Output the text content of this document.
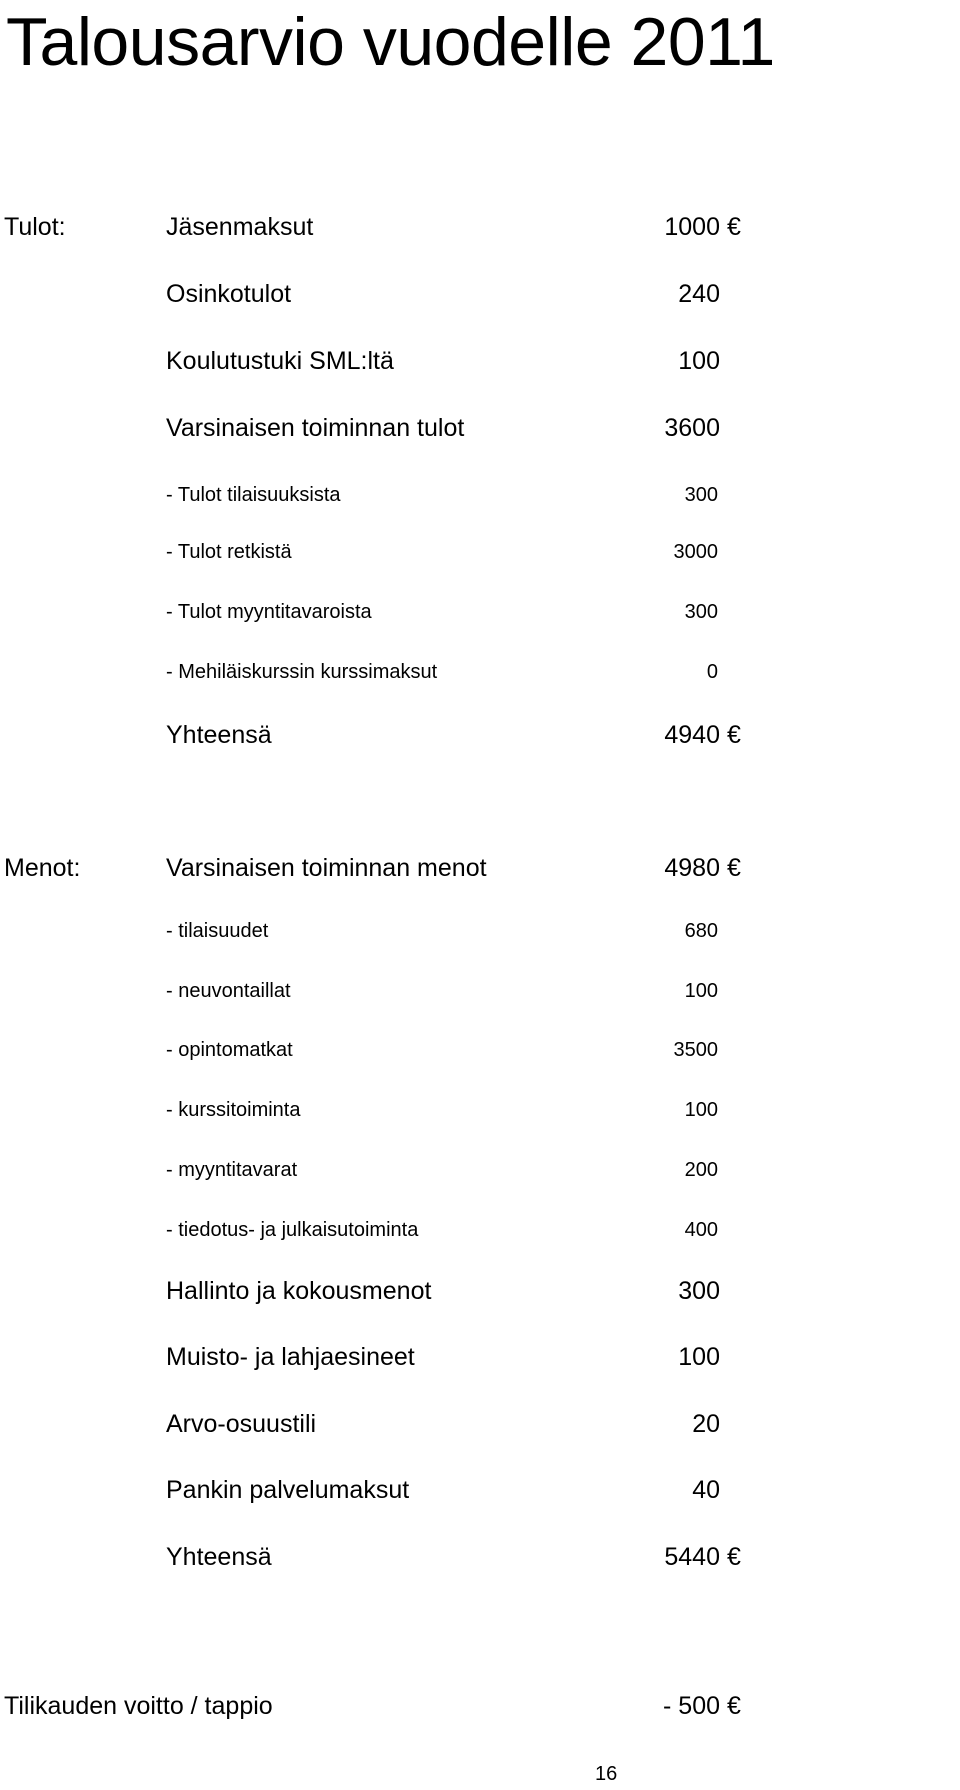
Talousarvio vuodelle 2011
Tulot:	Jäsenmaksut	1000 €
Osinkotulot	240
Koulutustuki SML:ltä	100
Varsinaisen toiminnan tulot	3600
- Tulot tilaisuuksista	300
- Tulot retkistä	3000
- Tulot myyntitavaroista	300
- Mehiläiskurssin kurssimaksut	0
Yhteensä	4940 €
Menot:	Varsinaisen toiminnan menot	4980 €
- tilaisuudet	680
- neuvontaillat	100
- opintomatkat	3500
- kurssitoiminta	100
- myyntitavarat	200
- tiedotus- ja julkaisutoiminta	400
Hallinto ja kokousmenot	300
Muisto- ja lahjaesineet	100
Arvo-osuustili	20
Pankin palvelumaksut	40
Yhteensä	5440 €
Tilikauden voitto / tappio	- 500 €
16
